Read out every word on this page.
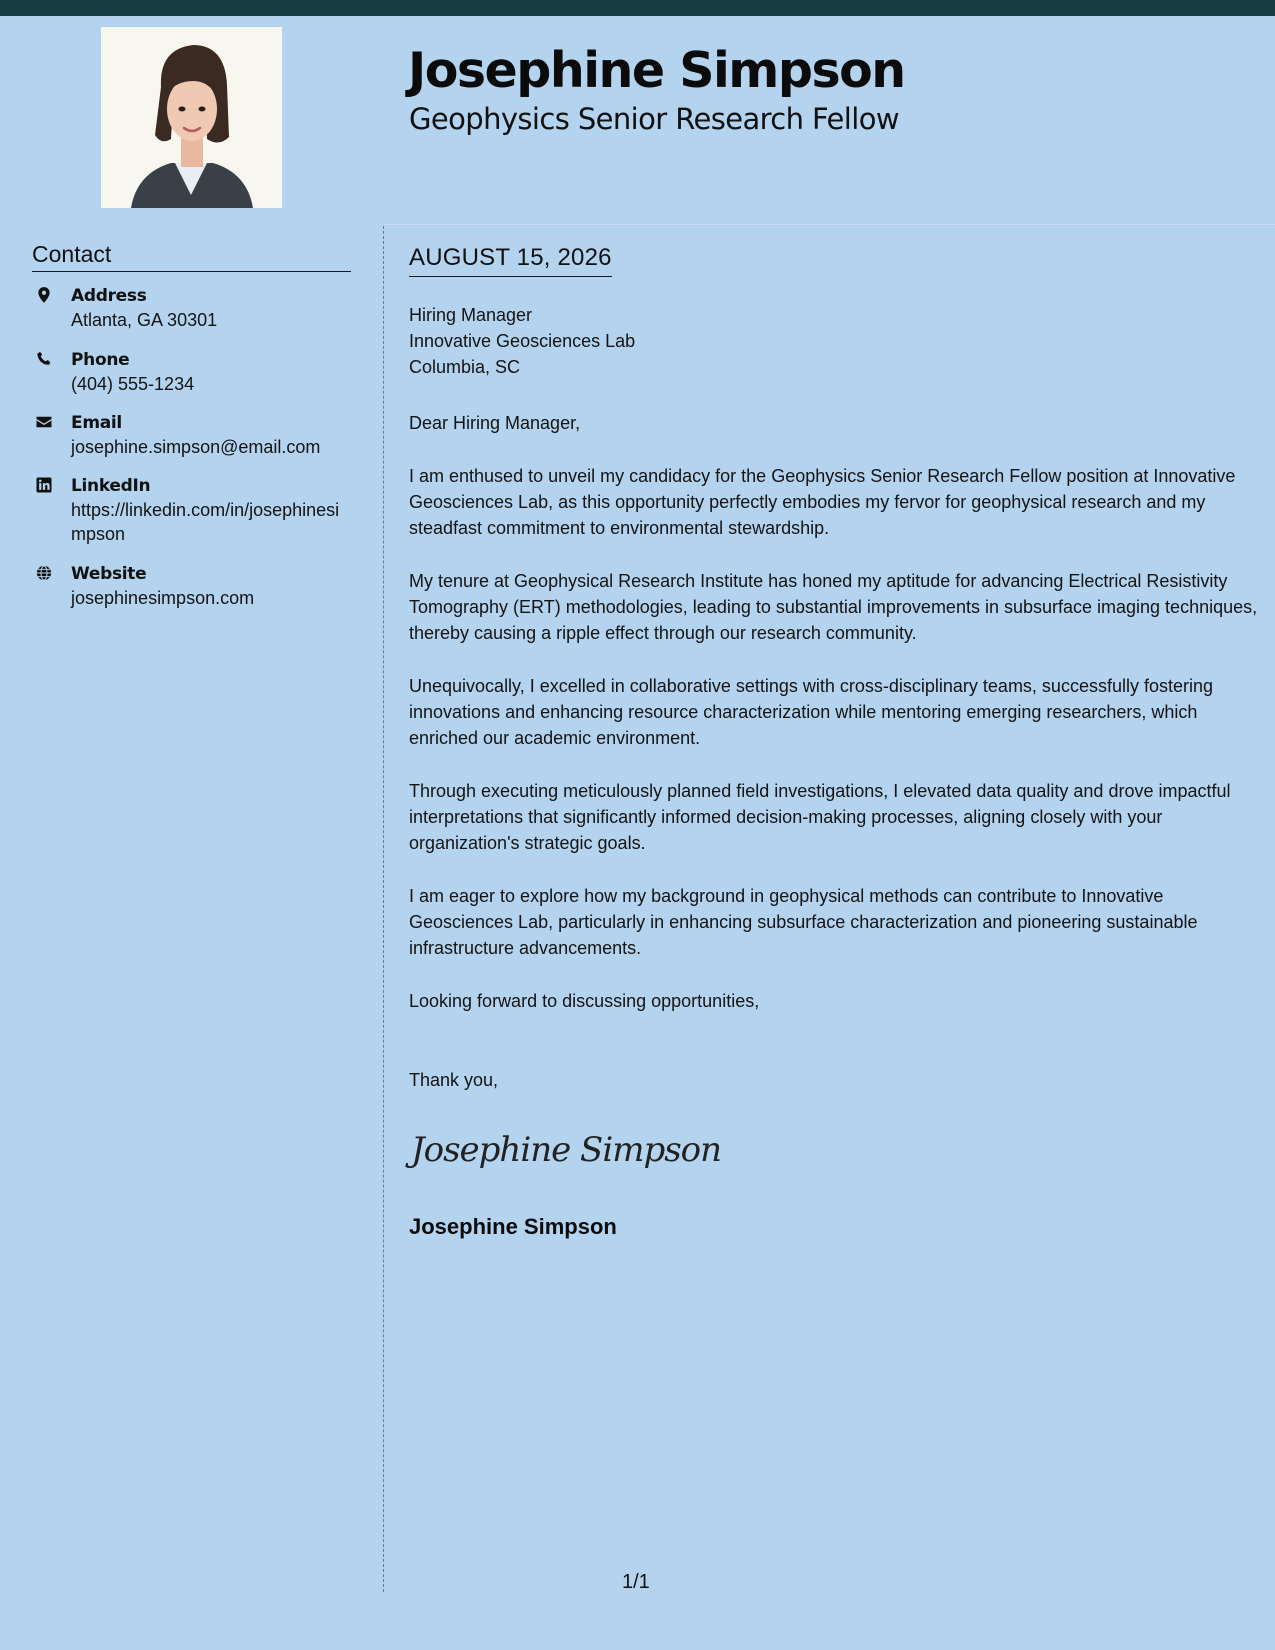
Josephine Simpson
Geophysics Senior Research Fellow
Contact
Address
Atlanta, GA 30301
Phone
(404) 555-1234
Email
josephine.simpson@email.com
LinkedIn
https://linkedin.com/in/josephinesimpson
Website
josephinesimpson.com
AUGUST 15, 2026
Hiring Manager
Innovative Geosciences Lab
Columbia, SC

Dear Hiring Manager,

I am enthused to unveil my candidacy for the Geophysics Senior Research Fellow position at Innovative Geosciences Lab, as this opportunity perfectly embodies my fervor for geophysical research and my steadfast commitment to environmental stewardship.

My tenure at Geophysical Research Institute has honed my aptitude for advancing Electrical Resistivity Tomography (ERT) methodologies, leading to substantial improvements in subsurface imaging techniques, thereby causing a ripple effect through our research community.

Unequivocally, I excelled in collaborative settings with cross-disciplinary teams, successfully fostering innovations and enhancing resource characterization while mentoring emerging researchers, which enriched our academic environment.

Through executing meticulously planned field investigations, I elevated data quality and drove impactful interpretations that significantly informed decision-making processes, aligning closely with your organization's strategic goals.

I am eager to explore how my background in geophysical methods can contribute to Innovative Geosciences Lab, particularly in enhancing subsurface characterization and pioneering sustainable infrastructure advancements.

Looking forward to discussing opportunities,

Thank you,
Josephine Simpson
Josephine Simpson
1/1
